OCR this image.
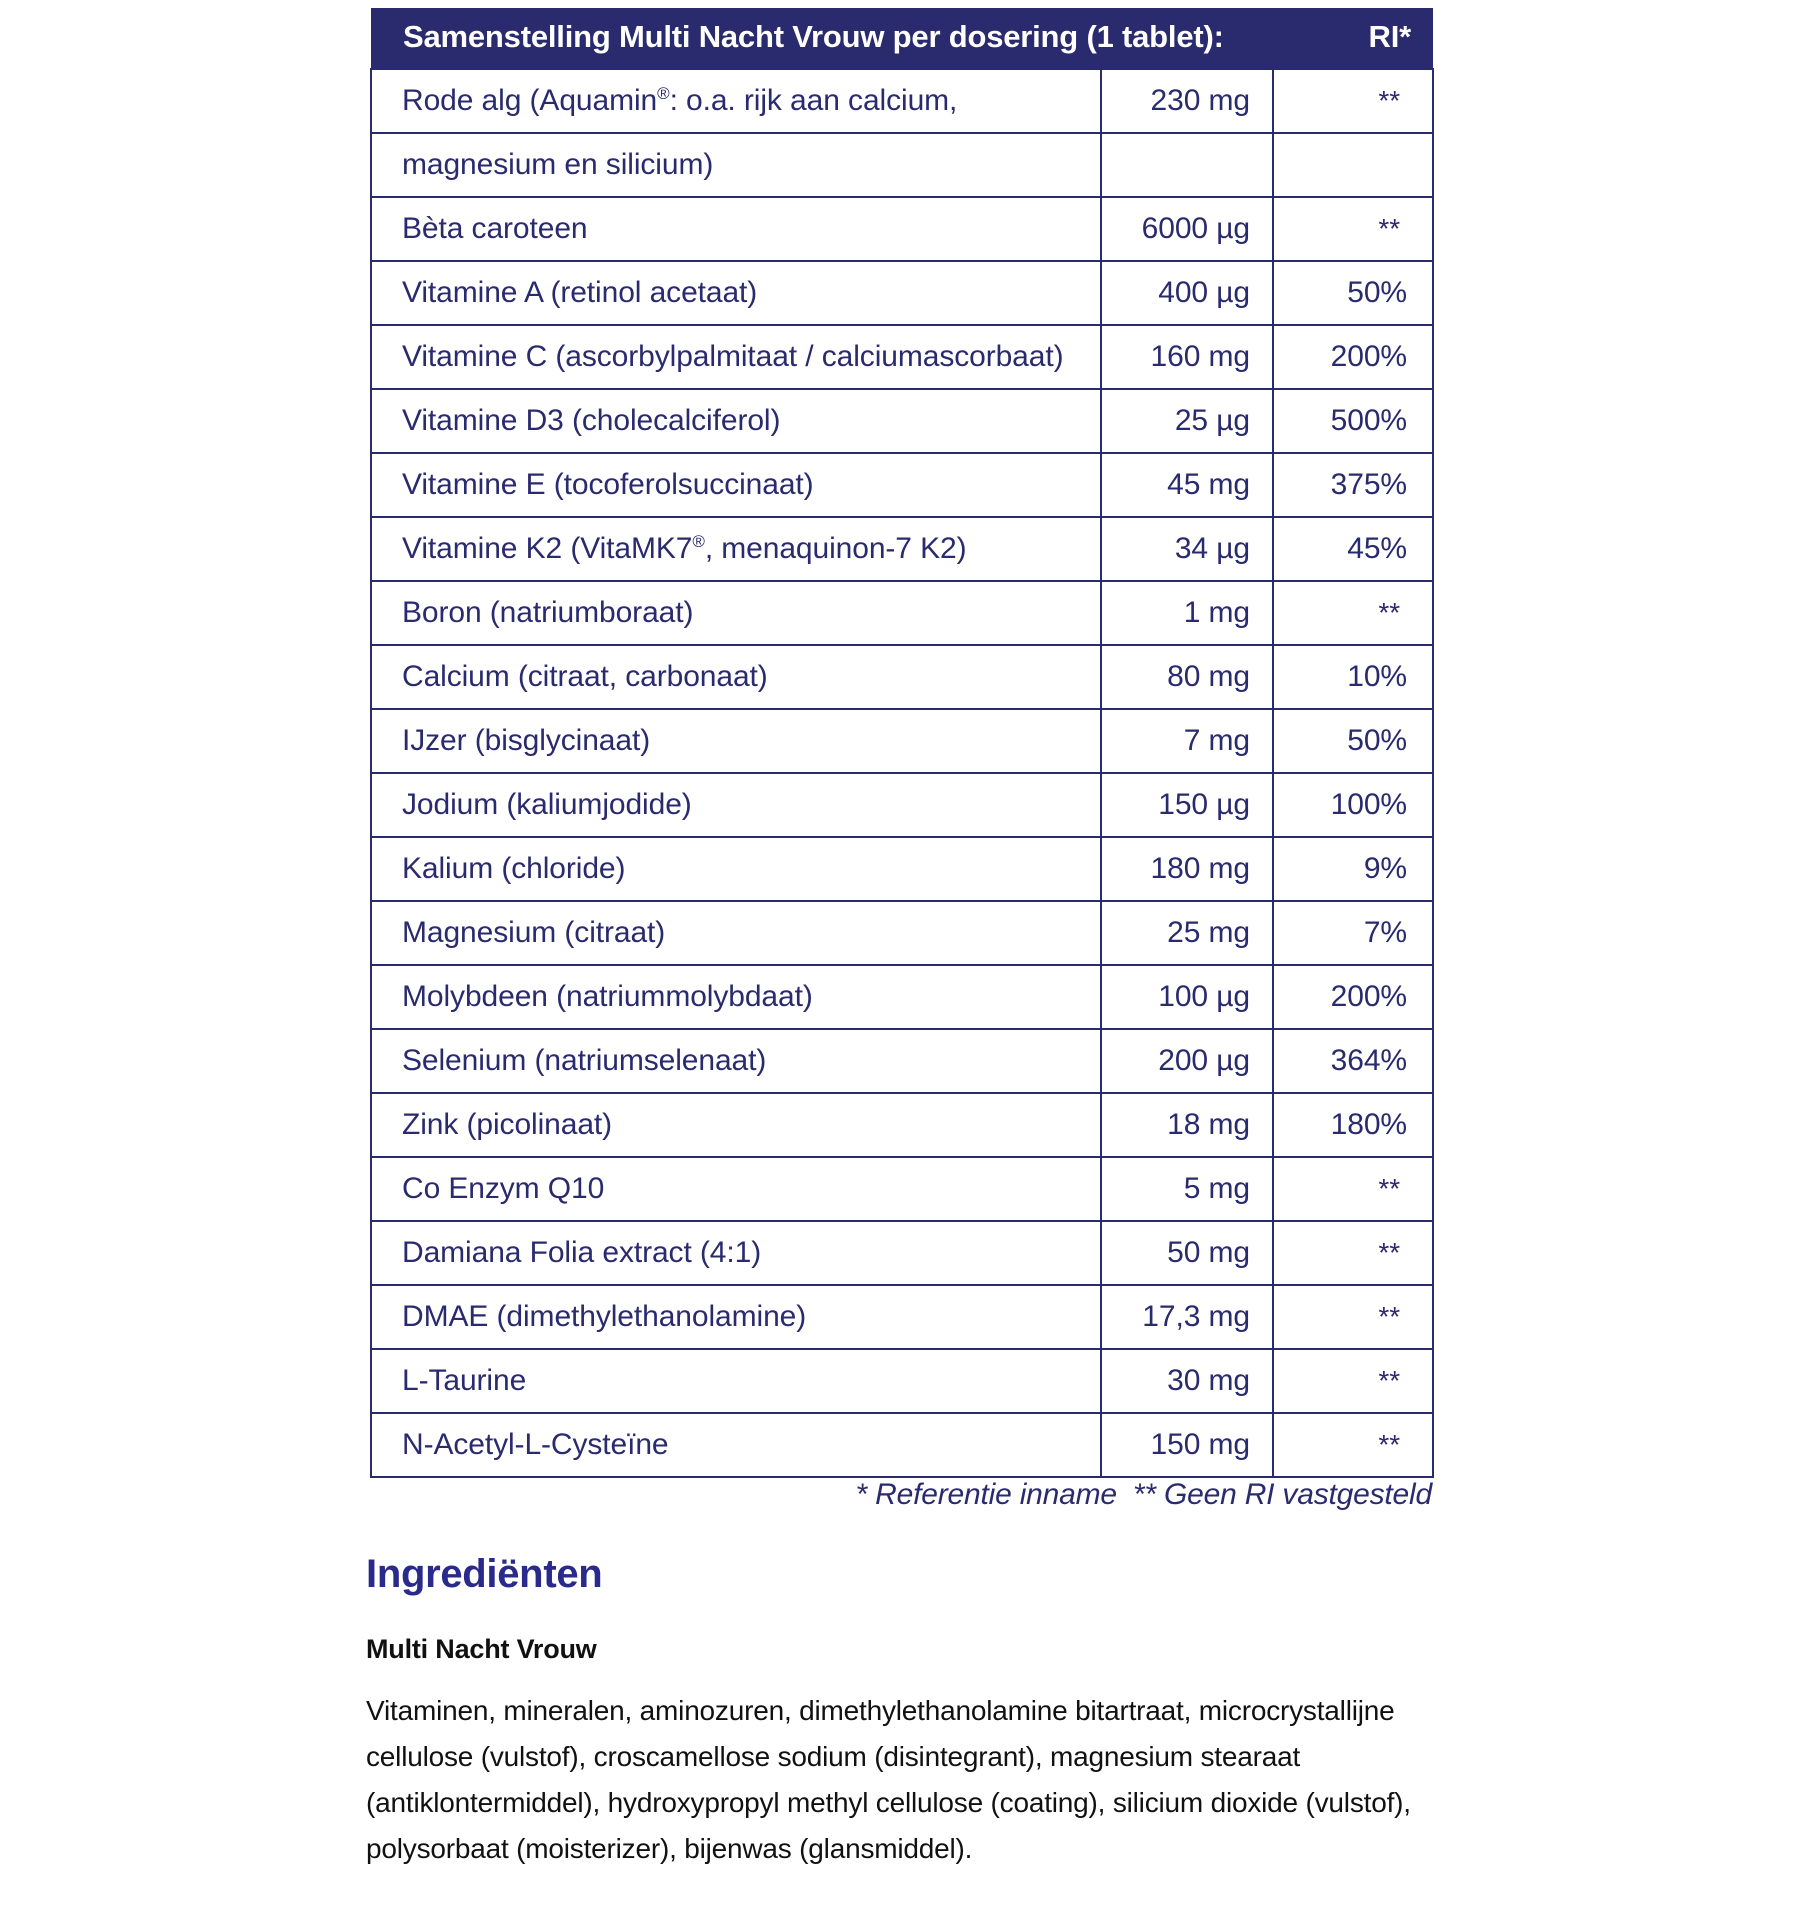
Samenstelling Multi Nacht Vrouw per dosering (1 tablet): RI*		

Rode alg (Aquamin®: o.a. rijk aan calcium,	230 mg	**
magnesium en silicium)		
Bèta caroteen	6000 µg	**
Vitamine A (retinol acetaat)	400 µg	50%
Vitamine C (ascorbylpalmitaat / calciumascorbaat)	160 mg	200%
Vitamine D3 (cholecalciferol)	25 µg	500%
Vitamine E (tocoferolsuccinaat)	45 mg	375%
Vitamine K2 (VitaMK7®, menaquinon-7 K2)	34 µg	45%
Boron (natriumboraat)	1 mg	**
Calcium (citraat, carbonaat)	80 mg	10%
IJzer (bisglycinaat)	7 mg	50%
Jodium (kaliumjodide)	150 µg	100%
Kalium (chloride)	180 mg	9%
Magnesium (citraat)	25 mg	7%
Molybdeen (natriummolybdaat)	100 µg	200%
Selenium (natriumselenaat)	200 µg	364%
Zink (picolinaat)	18 mg	180%
Co Enzym Q10	5 mg	**
Damiana Folia extract (4:1)	50 mg	**
DMAE (dimethylethanolamine)	17,3 mg	**
L-Taurine	30 mg	**
N-Acetyl-L-Cysteïne	150 mg	**
* Referentie inname ** Geen RI vastgesteld
Ingrediënten
Multi Nacht Vrouw
Vitaminen, mineralen, aminozuren, dimethylethanolamine bitartraat, microcrystallijne cellulose (vulstof), croscamellose sodium (disintegrant), magnesium stearaat (antiklontermiddel), hydroxypropyl methyl cellulose (coating), silicium dioxide (vulstof), polysorbaat (moisterizer), bijenwas (glansmiddel).
